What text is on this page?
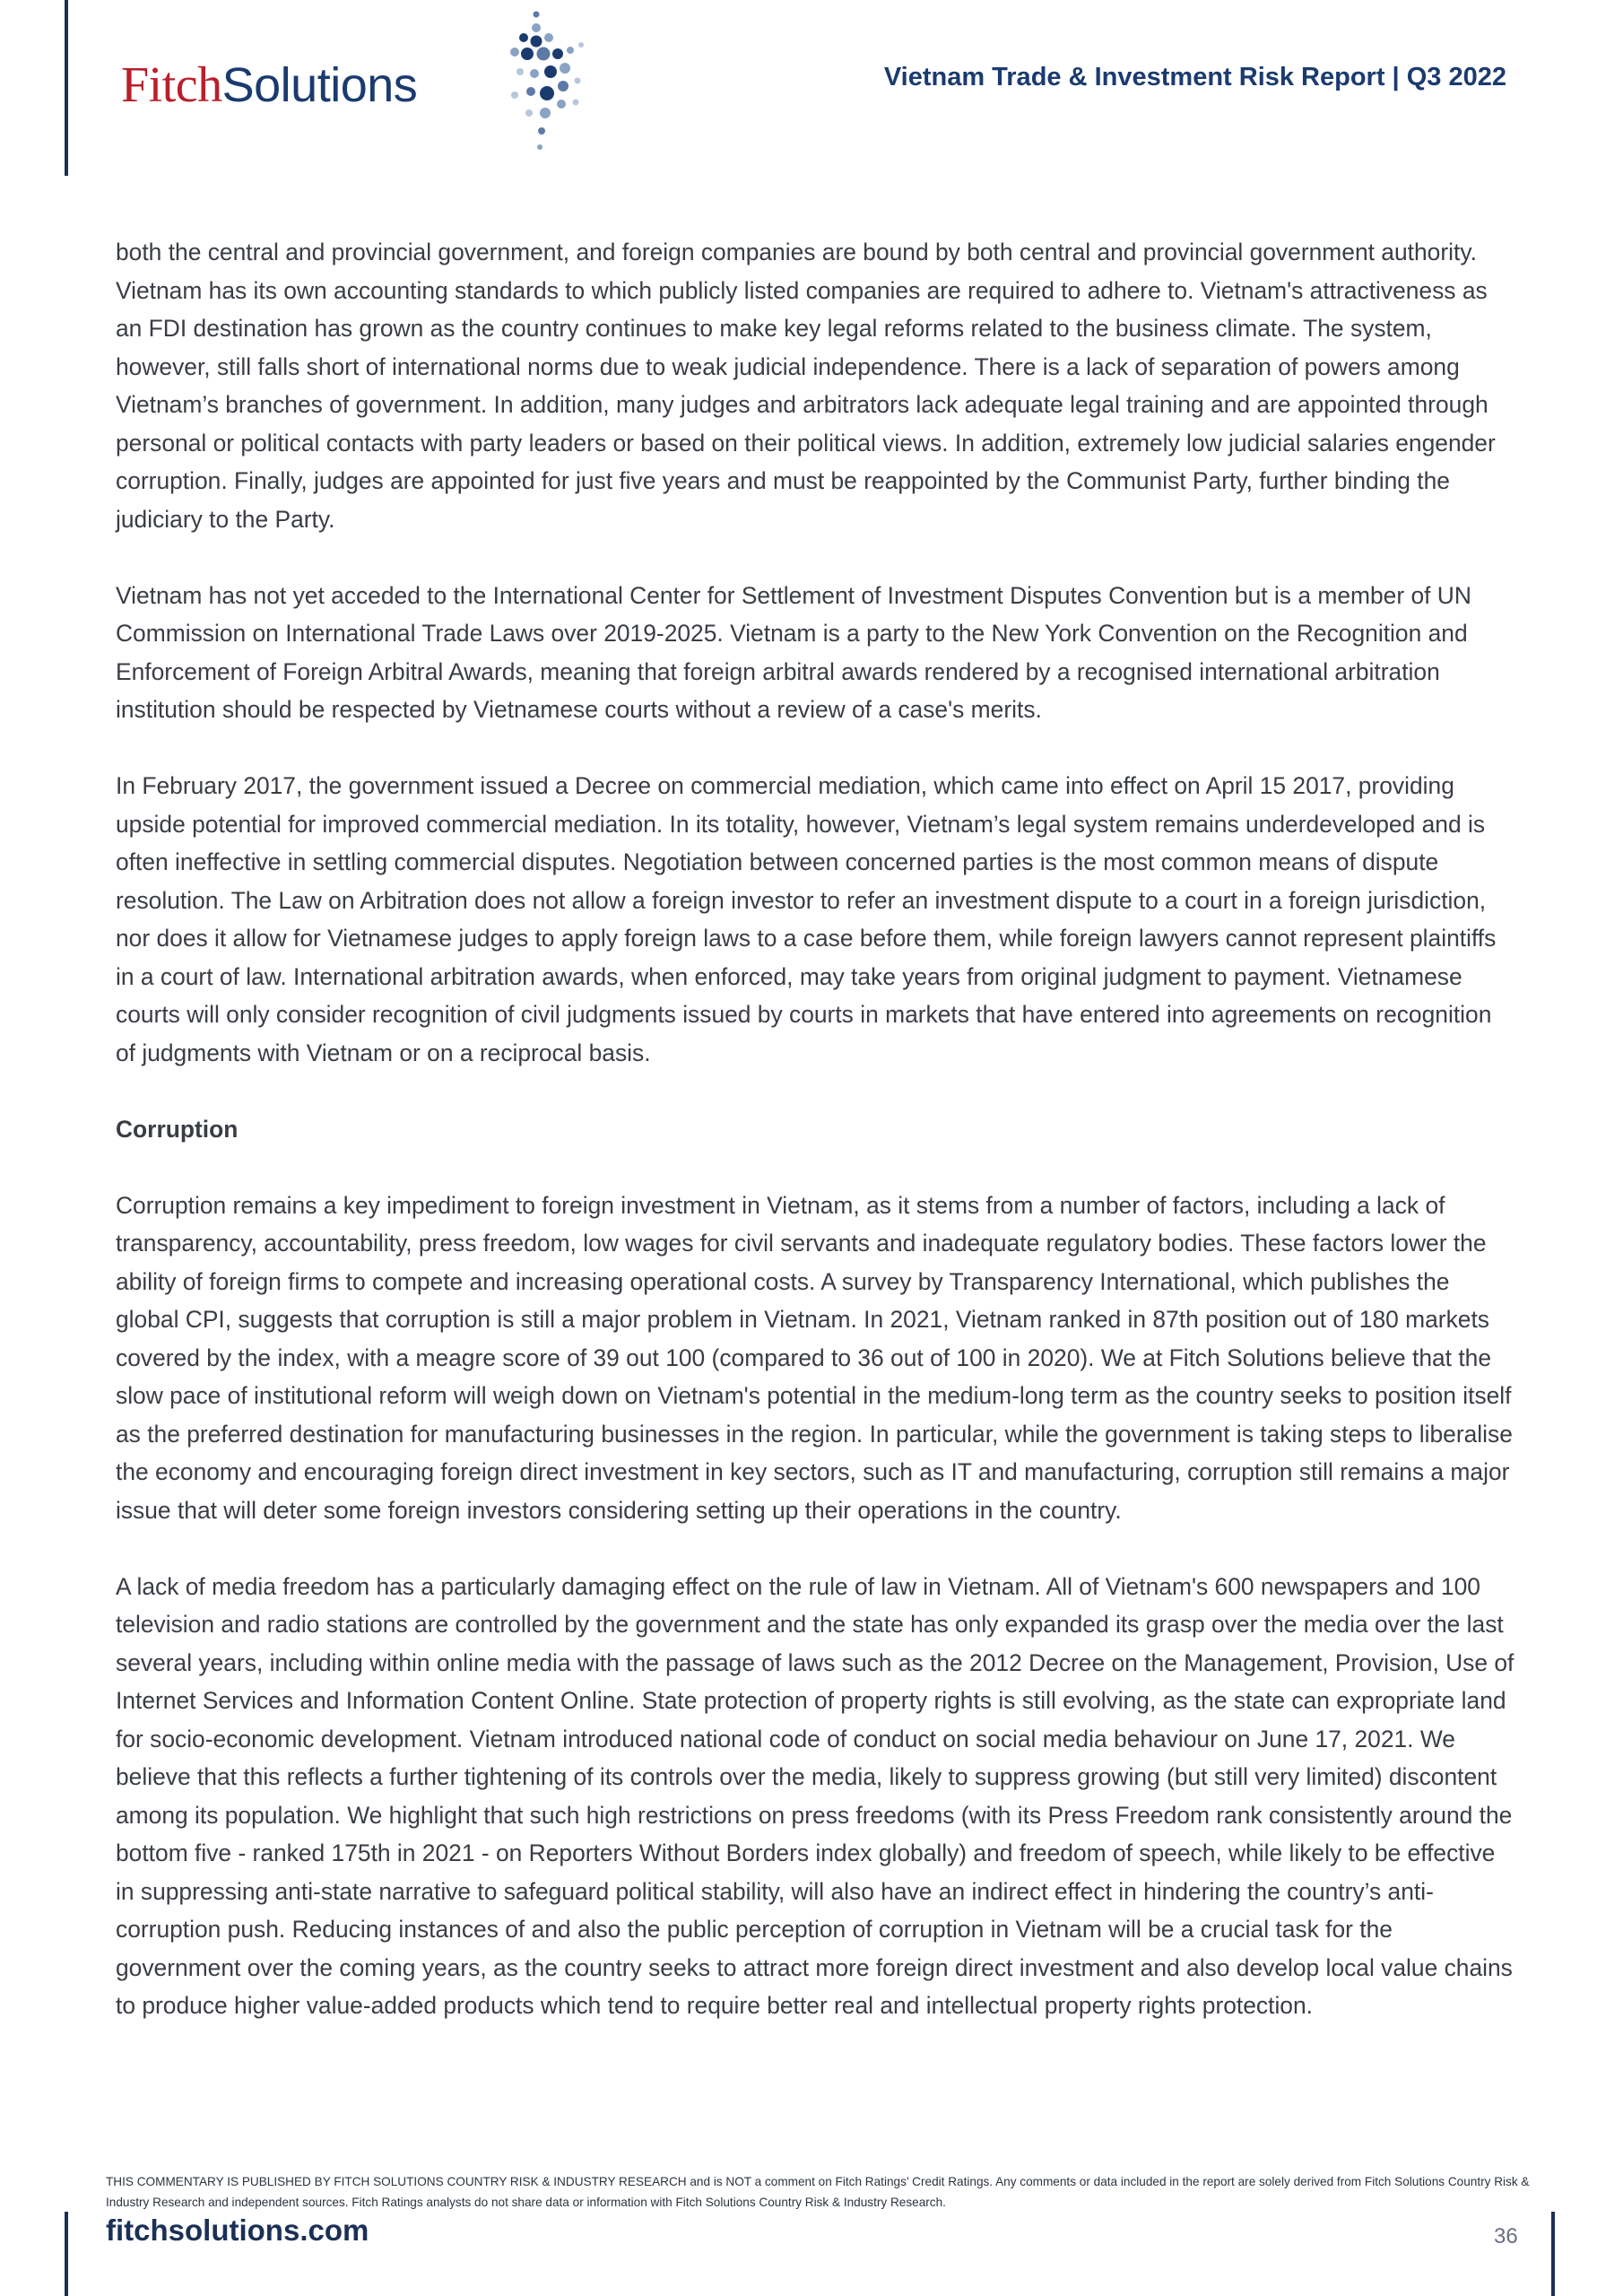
FitchSolutions	Vietnam Trade & Investment Risk Report | Q3 2022

both the central and provincial government, and foreign companies are bound by both central and provincial government authority. Vietnam has its own accounting standards to which publicly listed companies are required to adhere to. Vietnam's attractiveness as an FDI destination has grown as the country continues to make key legal reforms related to the business climate. The system, however, still falls short of international norms due to weak judicial independence. There is a lack of separation of powers among Vietnam’s branches of government. In addition, many judges and arbitrators lack adequate legal training and are appointed through personal or political contacts with party leaders or based on their political views. In addition, extremely low judicial salaries engender corruption. Finally, judges are appointed for just five years and must be reappointed by the Communist Party, further binding the judiciary to the Party.

Vietnam has not yet acceded to the International Center for Settlement of Investment Disputes Convention but is a member of UN Commission on International Trade Laws over 2019-2025. Vietnam is a party to the New York Convention on the Recognition and Enforcement of Foreign Arbitral Awards, meaning that foreign arbitral awards rendered by a recognised international arbitration institution should be respected by Vietnamese courts without a review of a case's merits.

In February 2017, the government issued a Decree on commercial mediation, which came into effect on April 15 2017, providing upside potential for improved commercial mediation. In its totality, however, Vietnam’s legal system remains underdeveloped and is often ineffective in settling commercial disputes. Negotiation between concerned parties is the most common means of dispute resolution. The Law on Arbitration does not allow a foreign investor to refer an investment dispute to a court in a foreign jurisdiction, nor does it allow for Vietnamese judges to apply foreign laws to a case before them, while foreign lawyers cannot represent plaintiffs in a court of law. International arbitration awards, when enforced, may take years from original judgment to payment. Vietnamese courts will only consider recognition of civil judgments issued by courts in markets that have entered into agreements on recognition of judgments with Vietnam or on a reciprocal basis.

Corruption

Corruption remains a key impediment to foreign investment in Vietnam, as it stems from a number of factors, including a lack of transparency, accountability, press freedom, low wages for civil servants and inadequate regulatory bodies. These factors lower the ability of foreign firms to compete and increasing operational costs. A survey by Transparency International, which publishes the global CPI, suggests that corruption is still a major problem in Vietnam. In 2021, Vietnam ranked in 87th position out of 180 markets covered by the index, with a meagre score of 39 out 100 (compared to 36 out of 100 in 2020). We at Fitch Solutions believe that the slow pace of institutional reform will weigh down on Vietnam's potential in the medium-long term as the country seeks to position itself as the preferred destination for manufacturing businesses in the region. In particular, while the government is taking steps to liberalise the economy and encouraging foreign direct investment in key sectors, such as IT and manufacturing, corruption still remains a major issue that will deter some foreign investors considering setting up their operations in the country.

A lack of media freedom has a particularly damaging effect on the rule of law in Vietnam. All of Vietnam's 600 newspapers and 100 television and radio stations are controlled by the government and the state has only expanded its grasp over the media over the last several years, including within online media with the passage of laws such as the 2012 Decree on the Management, Provision, Use of Internet Services and Information Content Online. State protection of property rights is still evolving, as the state can expropriate land for socio-economic development. Vietnam introduced national code of conduct on social media behaviour on June 17, 2021. We believe that this reflects a further tightening of its controls over the media, likely to suppress growing (but still very limited) discontent among its population. We highlight that such high restrictions on press freedoms (with its Press Freedom rank consistently around the bottom five - ranked 175th in 2021 - on Reporters Without Borders index globally) and freedom of speech, while likely to be effective in suppressing anti-state narrative to safeguard political stability, will also have an indirect effect in hindering the country’s anti-corruption push. Reducing instances of and also the public perception of corruption in Vietnam will be a crucial task for the government over the coming years, as the country seeks to attract more foreign direct investment and also develop local value chains to produce higher value-added products which tend to require better real and intellectual property rights protection.

THIS COMMENTARY IS PUBLISHED BY FITCH SOLUTIONS COUNTRY RISK & INDUSTRY RESEARCH and is NOT a comment on Fitch Ratings’ Credit Ratings. Any comments or data included in the report are solely derived from Fitch Solutions Country Risk & Industry Research and independent sources. Fitch Ratings analysts do not share data or information with Fitch Solutions Country Risk & Industry Research.
fitchsolutions.com	36
